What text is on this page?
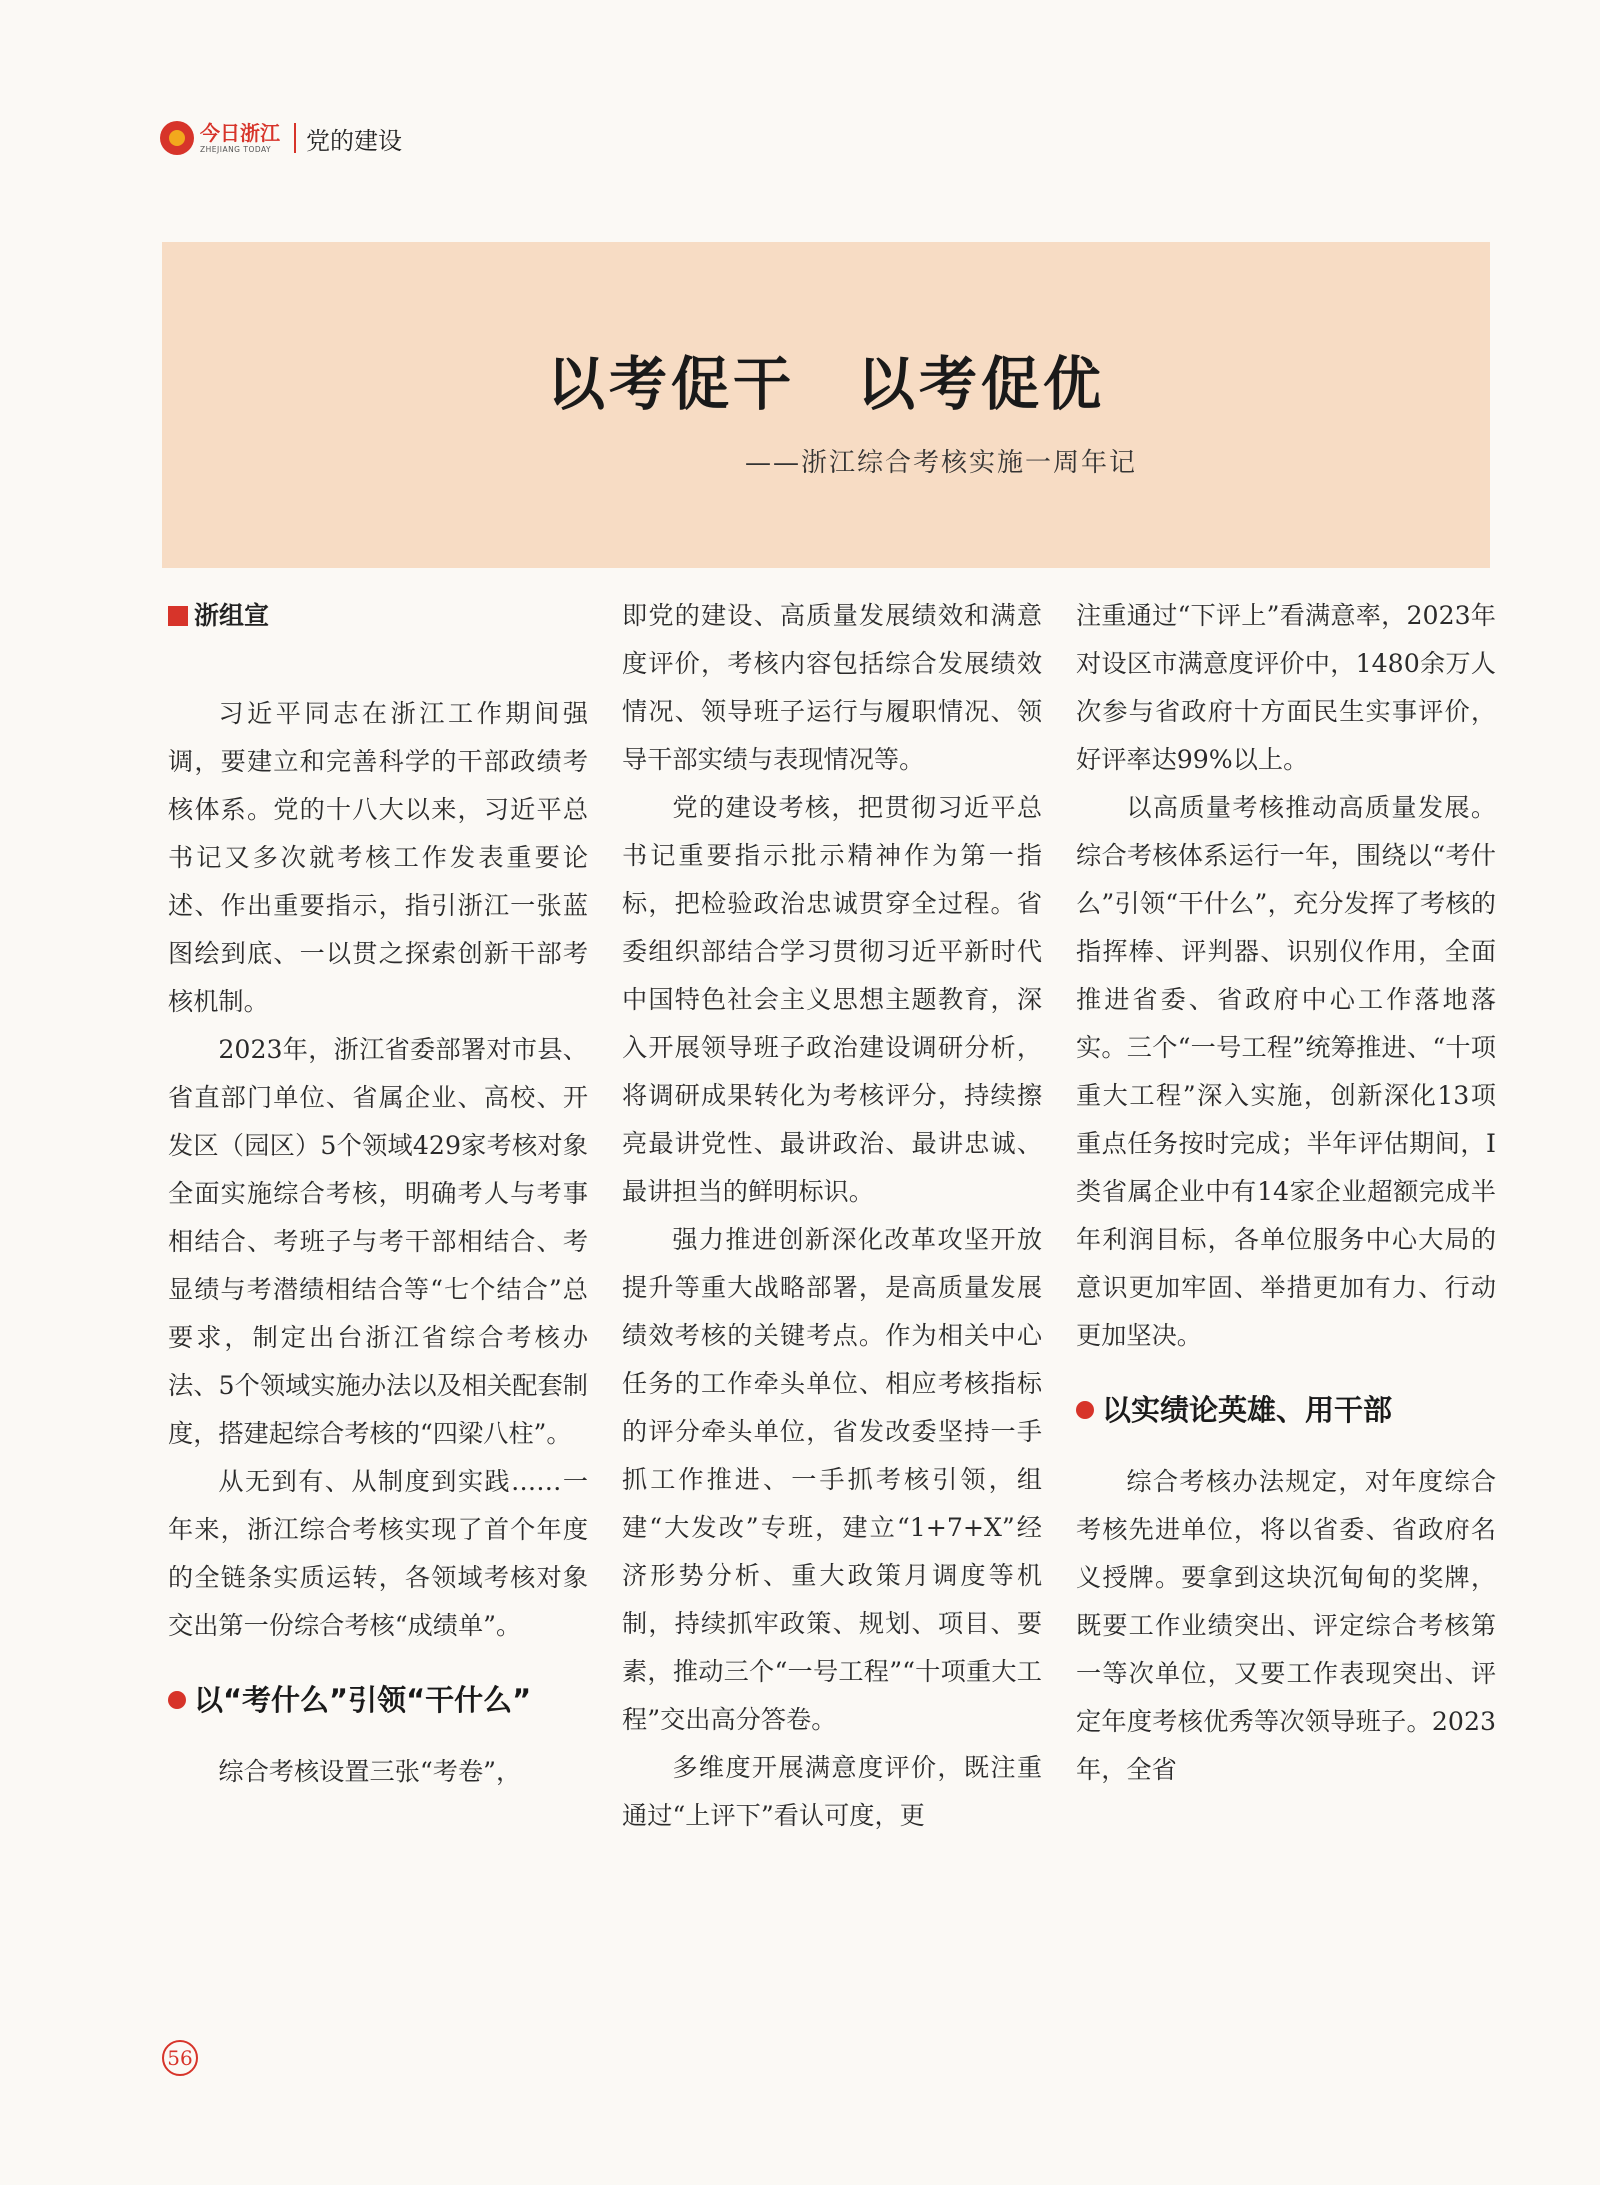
今日浙江
ZHEJIANG TODAY	党的建设
以考促干　以考促优
——浙江综合考核实施一周年记
浙组宣

习近平同志在浙江工作期间强调，要建立和完善科学的干部政绩考核体系。党的十八大以来，习近平总书记又多次就考核工作发表重要论述、作出重要指示，指引浙江一张蓝图绘到底、一以贯之探索创新干部考核机制。

2023年，浙江省委部署对市县、省直部门单位、省属企业、高校、开发区（园区）5个领域429家考核对象全面实施综合考核，明确考人与考事相结合、考班子与考干部相结合、考显绩与考潜绩相结合等“七个结合”总要求，制定出台浙江省综合考核办法、5个领域实施办法以及相关配套制度，搭建起综合考核的“四梁八柱”。

从无到有、从制度到实践……一年来，浙江综合考核实现了首个年度的全链条实质运转，各领域考核对象交出第一份综合考核“成绩单”。

以“考什么”引领“干什么”

综合考核设置三张“考卷”，

即党的建设、高质量发展绩效和满意度评价，考核内容包括综合发展绩效情况、领导班子运行与履职情况、领导干部实绩与表现情况等。

党的建设考核，把贯彻习近平总书记重要指示批示精神作为第一指标，把检验政治忠诚贯穿全过程。省委组织部结合学习贯彻习近平新时代中国特色社会主义思想主题教育，深入开展领导班子政治建设调研分析，将调研成果转化为考核评分，持续擦亮最讲党性、最讲政治、最讲忠诚、最讲担当的鲜明标识。

强力推进创新深化改革攻坚开放提升等重大战略部署，是高质量发展绩效考核的关键考点。作为相关中心任务的工作牵头单位、相应考核指标的评分牵头单位，省发改委坚持一手抓工作推进、一手抓考核引领，组建“大发改”专班，建立“1+7+X”经济形势分析、重大政策月调度等机制，持续抓牢政策、规划、项目、要素，推动三个“一号工程”“十项重大工程”交出高分答卷。

多维度开展满意度评价，既注重通过“上评下”看认可度，更

注重通过“下评上”看满意率，2023年对设区市满意度评价中，1480余万人次参与省政府十方面民生实事评价，好评率达99%以上。

以高质量考核推动高质量发展。综合考核体系运行一年，围绕以“考什么”引领“干什么”，充分发挥了考核的指挥棒、评判器、识别仪作用，全面推进省委、省政府中心工作落地落实。三个“一号工程”统筹推进、“十项重大工程”深入实施，创新深化13项重点任务按时完成；半年评估期间，Ⅰ类省属企业中有14家企业超额完成半年利润目标，各单位服务中心大局的意识更加牢固、举措更加有力、行动更加坚决。

以实绩论英雄、用干部

综合考核办法规定，对年度综合考核先进单位，将以省委、省政府名义授牌。要拿到这块沉甸甸的奖牌，既要工作业绩突出、评定综合考核第一等次单位，又要工作表现突出、评定年度考核优秀等次领导班子。2023年，全省

56
